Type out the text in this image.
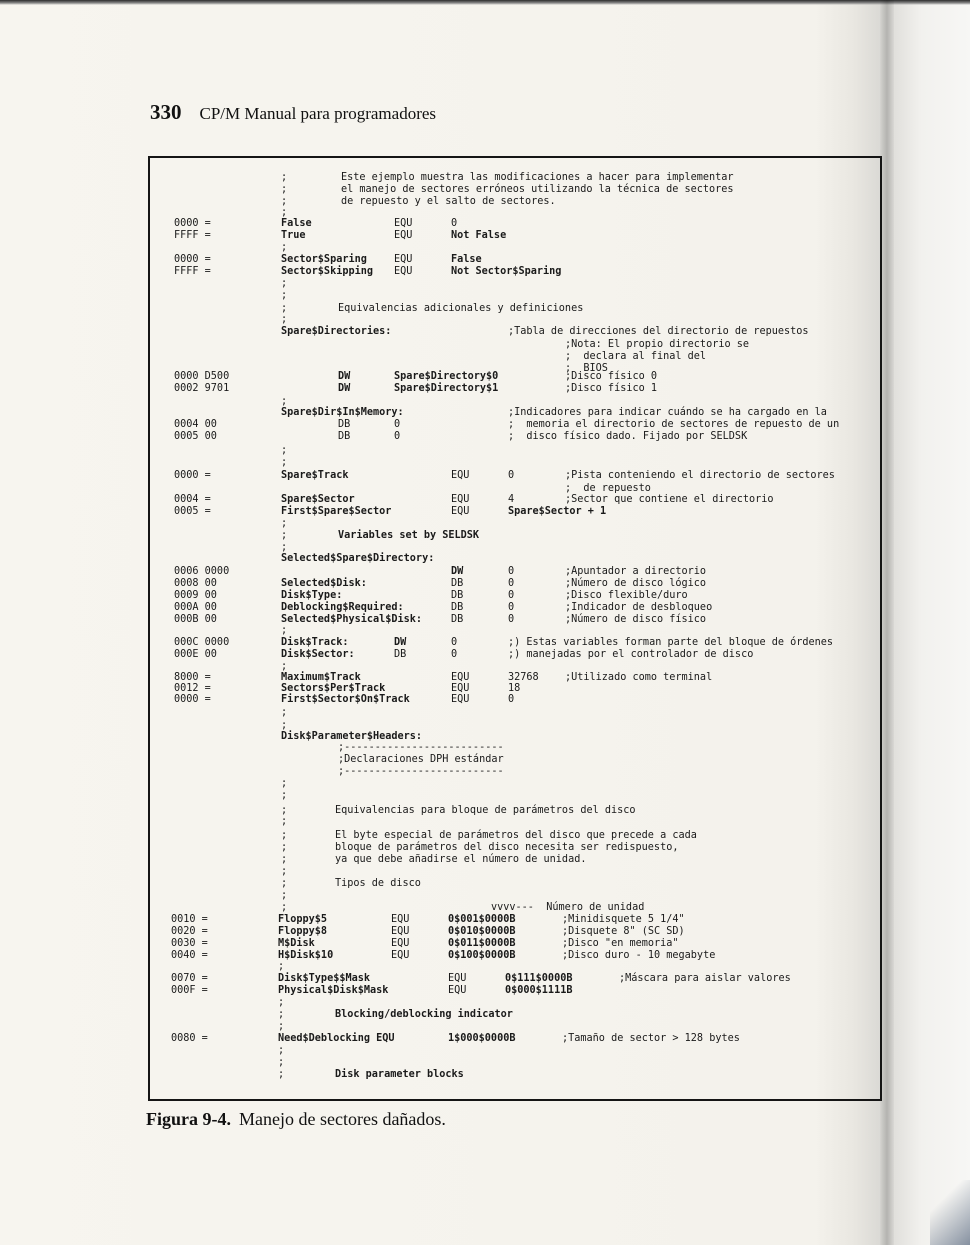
330 CP/M Manual para programadores
;	Este ejemplo muestra las modificaciones a hacer para implementar
;	el manejo de sectores erróneos utilizando la técnica de sectores
;	de repuesto y el salto de sectores.
;
0000 =	False	EQU	0
FFFF =	True	EQU	Not False
;
0000 =	Sector$Sparing	EQU	False
FFFF =	Sector$Skipping EQU	Not Sector$Sparing
;
;
;	Equivalencias adicionales y definiciones
;
Spare$Directories:	;Tabla de direcciones del directorio de repuestos
;Nota: El propio directorio se
;  declara al final del
;  BIOS
0000 D500	DW	Spare$Directory$0	;Disco físico 0
0002 9701	DW	Spare$Directory$1	;Disco físico 1
;
Spare$Dir$In$Memory:	;Indicadores para indicar cuándo se ha cargado en la
0004 00	DB	0	;  memoria el directorio de sectores de repuesto de un
0005 00	DB	0	;  disco físico dado. Fijado por SELDSK
;
;
0000 =	Spare$Track	EQU	0	;Pista conteniendo el directorio de sectores
;  de repuesto
0004 =	Spare$Sector	EQU	4	;Sector que contiene el directorio
0005 =	First$Spare$Sector	EQU	Spare$Sector + 1
;
;	Variables set by SELDSK
;
Selected$Spare$Directory:
0006 0000	DW	0	;Apuntador a directorio
0008 00	Selected$Disk:	DB	0	;Número de disco lógico
0009 00	Disk$Type:	DB	0	;Disco flexible/duro
000A 00	Deblocking$Required:	DB	0	;Indicador de desbloqueo
000B 00	Selected$Physical$Disk:	DB	0	;Número de disco físico
;
000C 0000	Disk$Track:	DW	0	;) Estas variables forman parte del bloque de órdenes
000E 00	Disk$Sector:	DB	0	;) manejadas por el controlador de disco
;
8000 =	Maximum$Track	EQU	32768	;Utilizado como terminal
0012 =	Sectors$Per$Track	EQU	18
0000 =	First$Sector$On$Track	EQU	0
;
;
Disk$Parameter$Headers:
;--------------------------
;Declaraciones DPH estándar
;--------------------------
;
;
;	Equivalencias para bloque de parámetros del disco
;
;	El byte especial de parámetros del disco que precede a cada
;	bloque de parámetros del disco necesita ser redispuesto,
;	ya que debe añadirse el número de unidad.
;
;	Tipos de disco
;
;	vvvv---  Número de unidad
0010 =	Floppy$5	EQU	0$001$0000B	;Minidisquete 5 1/4"
0020 =	Floppy$8	EQU	0$010$0000B	;Disquete 8" (SC SD)
0030 =	M$Disk	EQU	0$011$0000B	;Disco "en memoria"
0040 =	H$Disk$10	EQU	0$100$0000B	;Disco duro - 10 megabyte
;
0070 =	Disk$Type$$Mask	EQU	0$111$0000B	;Máscara para aislar valores
000F =	Physical$Disk$Mask	EQU	0$000$1111B
;
;	Blocking/deblocking indicator
;
0080 =	Need$Deblocking EQU	1$000$0000B	;Tamaño de sector > 128 bytes
;
;
;	Disk parameter blocks
Figura 9-4. Manejo de sectores dañados.
